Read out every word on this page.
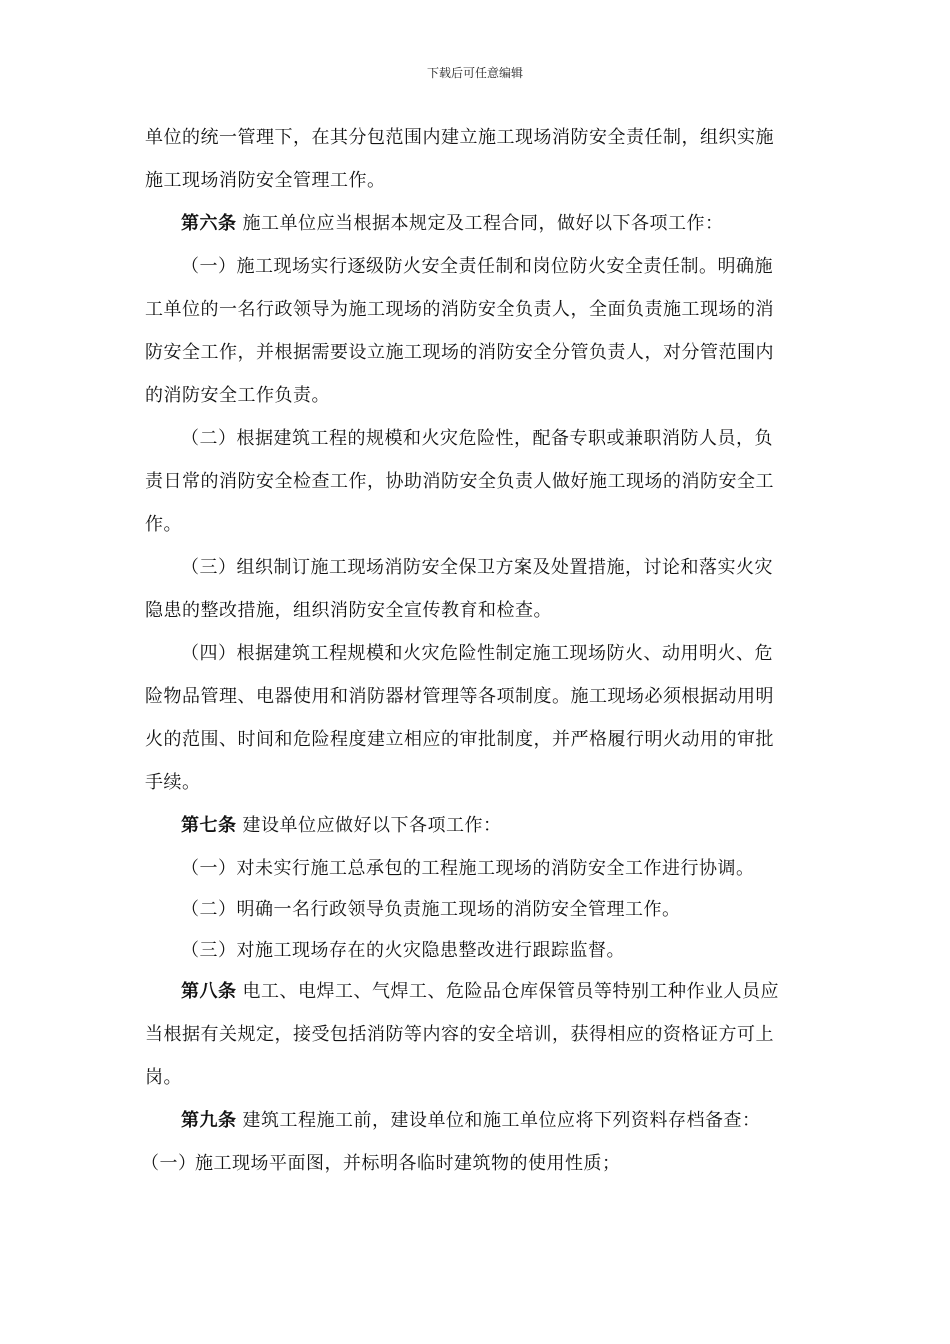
下载后可任意编辑
单位的统一管理下，在其分包范围内建立施工现场消防安全责任制，组织实施
施工现场消防安全管理工作。
第六条 施工单位应当根据本规定及工程合同，做好以下各项工作：
（一）施工现场实行逐级防火安全责任制和岗位防火安全责任制。明确施
工单位的一名行政领导为施工现场的消防安全负责人，全面负责施工现场的消
防安全工作，并根据需要设立施工现场的消防安全分管负责人，对分管范围内
的消防安全工作负责。
（二）根据建筑工程的规模和火灾危险性，配备专职或兼职消防人员，负
责日常的消防安全检查工作，协助消防安全负责人做好施工现场的消防安全工
作。
（三）组织制订施工现场消防安全保卫方案及处置措施，讨论和落实火灾
隐患的整改措施，组织消防安全宣传教育和检查。
（四）根据建筑工程规模和火灾危险性制定施工现场防火、动用明火、危
险物品管理、电器使用和消防器材管理等各项制度。施工现场必须根据动用明
火的范围、时间和危险程度建立相应的审批制度，并严格履行明火动用的审批
手续。
第七条 建设单位应做好以下各项工作：
（一）对未实行施工总承包的工程施工现场的消防安全工作进行协调。
（二）明确一名行政领导负责施工现场的消防安全管理工作。
（三）对施工现场存在的火灾隐患整改进行跟踪监督。
第八条 电工、电焊工、气焊工、危险品仓库保管员等特别工种作业人员应
当根据有关规定，接受包括消防等内容的安全培训，获得相应的资格证方可上
岗。
第九条 建筑工程施工前，建设单位和施工单位应将下列资料存档备查：
（一）施工现场平面图，并标明各临时建筑物的使用性质；
